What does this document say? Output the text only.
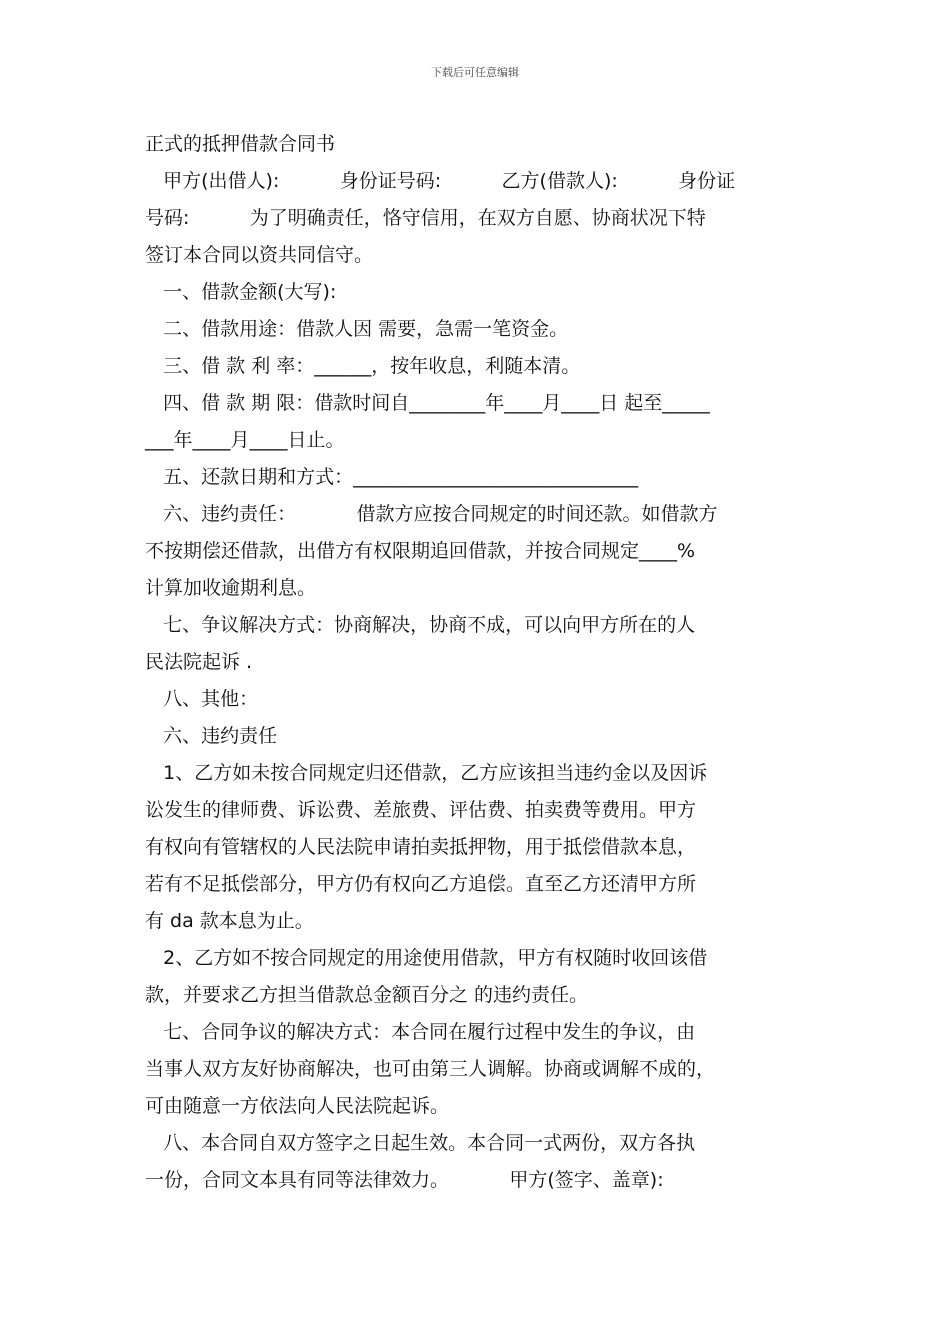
下载后可任意编辑

正式的抵押借款合同书

甲方(出借人):          身份证号码:          乙方(借款人):          身份证

号码:          为了明确责任，恪守信用，在双方自愿、协商状况下特

签订本合同以资共同信守。

一、借款金额(大写):

二、借款用途：借款人因 需要，急需一笔资金。

三、借 款 利 率：______，按年收息，利随本清。

四、借 款 期 限：借款时间自________年____月____日 起至_____

___年____月____日止。

五、还款日期和方式：______________________________

六、违约责任：          借款方应按合同规定的时间还款。如借款方

不按期偿还借款，出借方有权限期追回借款，并按合同规定____%

计算加收逾期利息。

七、争议解决方式：协商解决，协商不成，可以向甲方所在的人

民法院起诉 .

八、其他：

六、违约责任

1、乙方如未按合同规定归还借款，乙方应该担当违约金以及因诉

讼发生的律师费、诉讼费、差旅费、评估费、拍卖费等费用。甲方

有权向有管辖权的人民法院申请拍卖抵押物，用于抵偿借款本息，

若有不足抵偿部分，甲方仍有权向乙方追偿。直至乙方还清甲方所

有 da 款本息为止。

2、乙方如不按合同规定的用途使用借款，甲方有权随时收回该借

款，并要求乙方担当借款总金额百分之 的违约责任。

七、合同争议的解决方式：本合同在履行过程中发生的争议，由

当事人双方友好协商解决，也可由第三人调解。协商或调解不成的，

可由随意一方依法向人民法院起诉。

八、本合同自双方签字之日起生效。本合同一式两份，双方各执

一份，合同文本具有同等法律效力。          甲方(签字、盖章):
